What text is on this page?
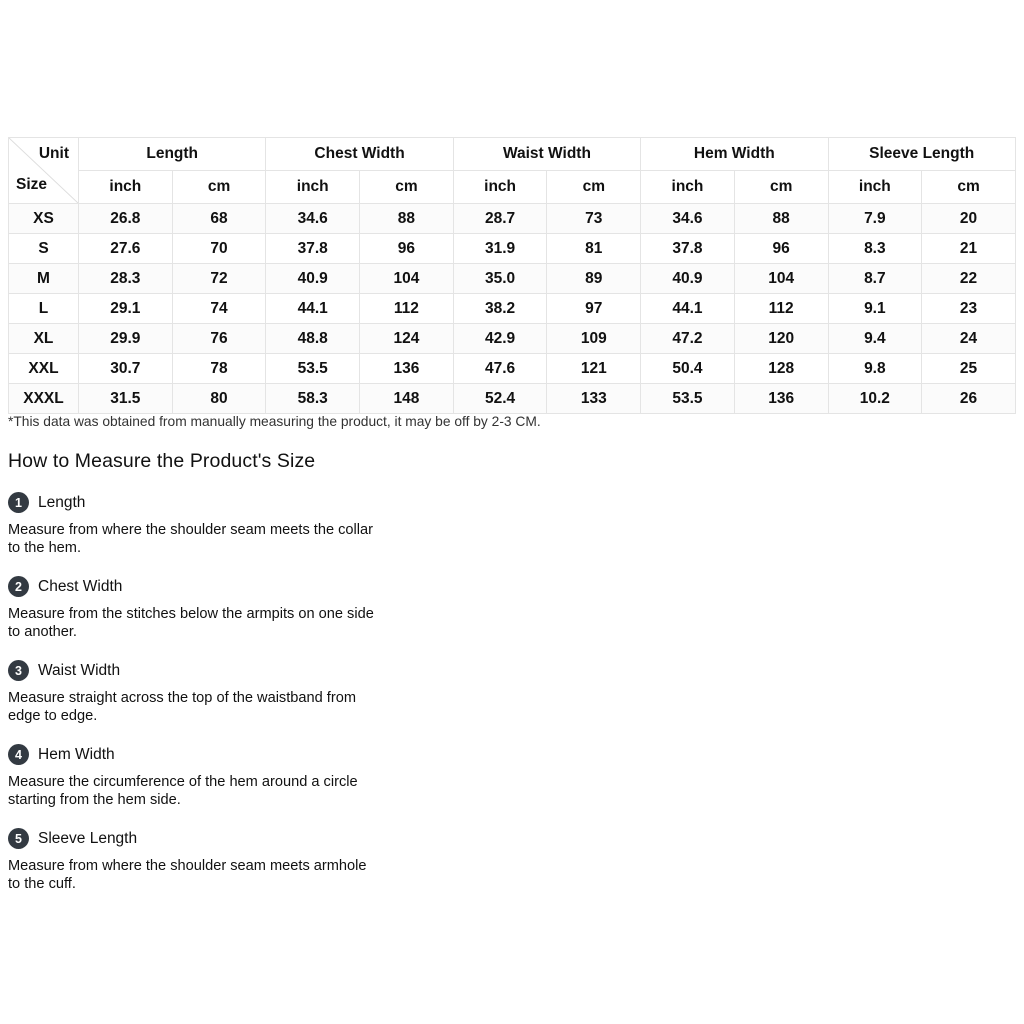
Unit
Size	Length		Chest Width		Waist Width		Hem Width		Sleeve Length	
	inch	cm	inch	cm	inch	cm	inch	cm	inch	cm
XS	26.8	68	34.6	88	28.7	73	34.6	88	7.9	20
S	27.6	70	37.8	96	31.9	81	37.8	96	8.3	21
M	28.3	72	40.9	104	35.0	89	40.9	104	8.7	22
L	29.1	74	44.1	112	38.2	97	44.1	112	9.1	23
XL	29.9	76	48.8	124	42.9	109	47.2	120	9.4	24
XXL	30.7	78	53.5	136	47.6	121	50.4	128	9.8	25
XXXL	31.5	80	58.3	148	52.4	133	53.5	136	10.2	26
*This data was obtained from manually measuring the product, it may be off by 2-3 CM.
How to Measure the Product's Size
1	Length

Measure from where the shoulder seam meets the collar to the hem.

2	Chest Width

Measure from the stitches below the armpits on one side to another.

3	Waist Width

Measure straight across the top of the waistband from edge to edge.

4	Hem Width

Measure the circumference of the hem around a circle starting from the hem side.

5	Sleeve Length

Measure from where the shoulder seam meets armhole to the cuff.
